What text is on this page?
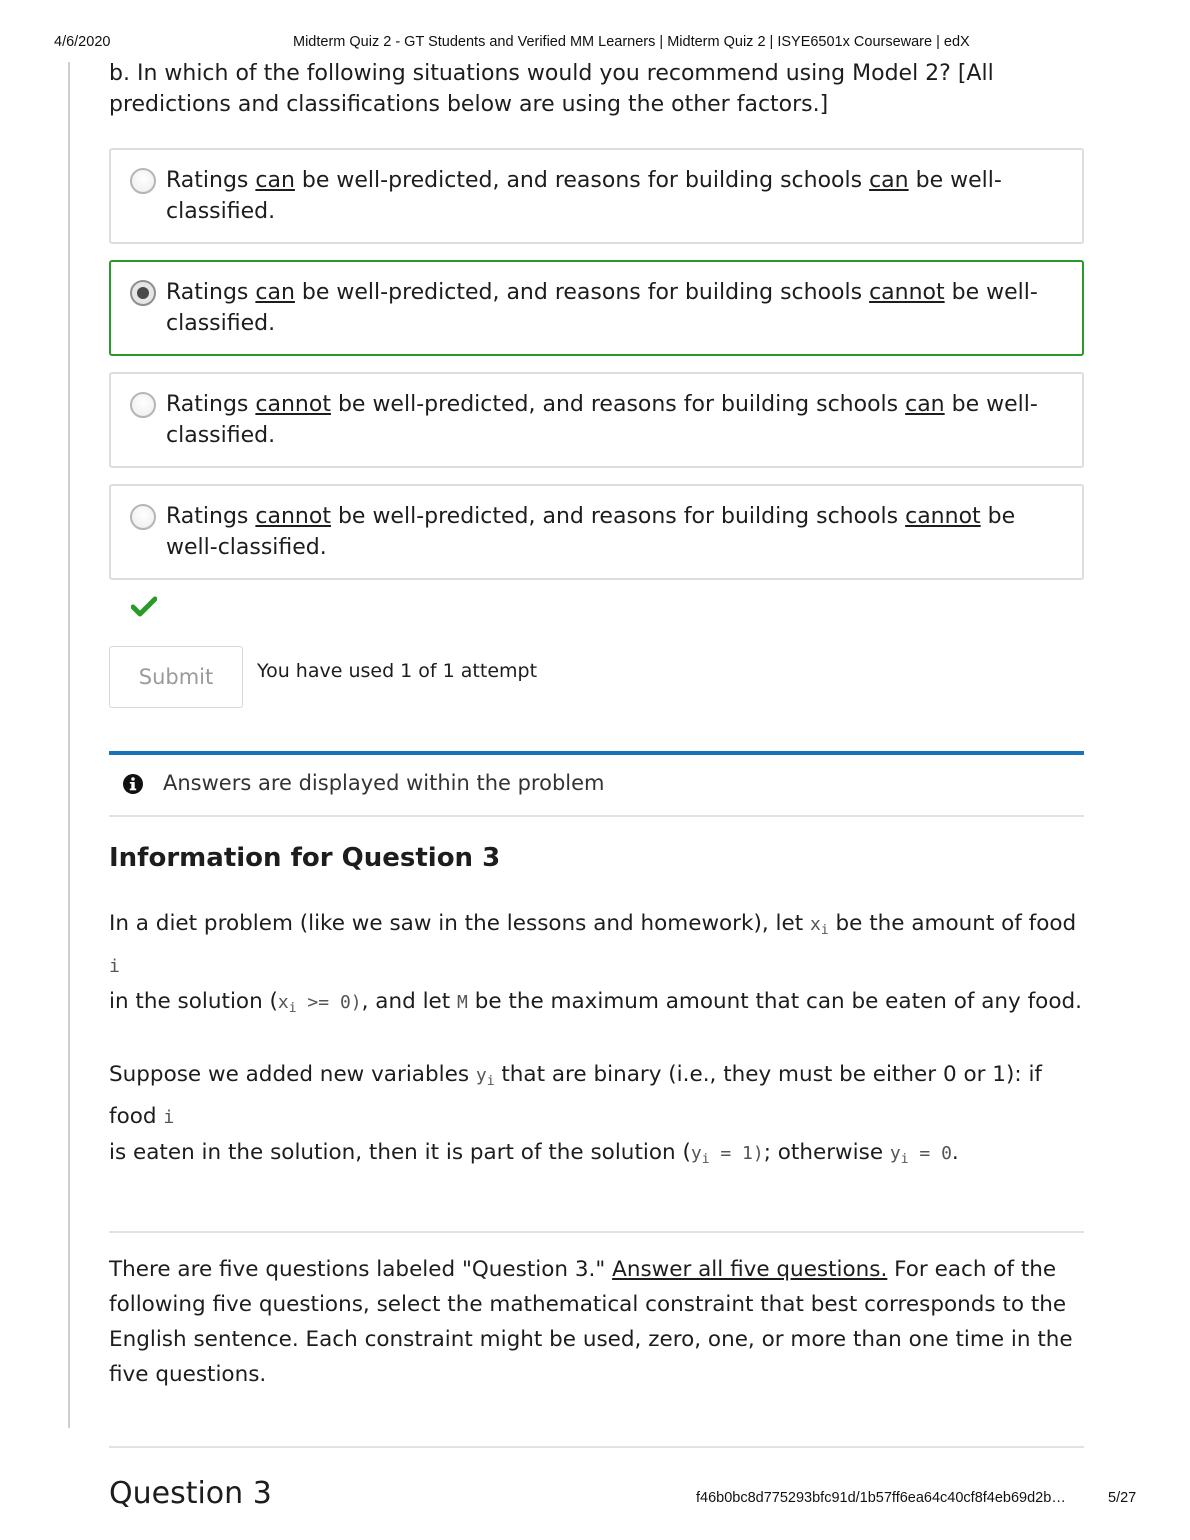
4/6/2020	Midterm Quiz 2 - GT Students and Verified MM Learners | Midterm Quiz 2 | ISYE6501x Courseware | edX

b. In which of the following situations would you recommend using Model 2? [All predictions and classifications below are using the other factors.]

Ratings can be well-predicted, and reasons for building schools can be well-classified.
Ratings can be well-predicted, and reasons for building schools cannot be well-classified.
Ratings cannot be well-predicted, and reasons for building schools can be well-classified.
Ratings cannot be well-predicted, and reasons for building schools cannot be well-classified.
Submit	You have used 1 of 1 attempt
Answers are displayed within the problem
Information for Question 3

In a diet problem (like we saw in the lessons and homework), let $x_i$ be the amount of food i
in the solution $(x_i >= 0)$, and let M be the maximum amount that can be eaten of any food.

Suppose we added new variables $y_i$ that are binary (i.e., they must be either 0 or 1): if food i
is eaten in the solution, then it is part of the solution $(y_i = 1)$; otherwise $y_i = 0$.

There are five questions labeled "Question 3." Answer all five questions. For each of the following five questions, select the mathematical constraint that best corresponds to the English sentence. Each constraint might be used, zero, one, or more than one time in the five questions.

Question 3	f46b0bc8d775293bfc91d/1b57ff6ea64c40cf8f4eb69d2b…	5/27
